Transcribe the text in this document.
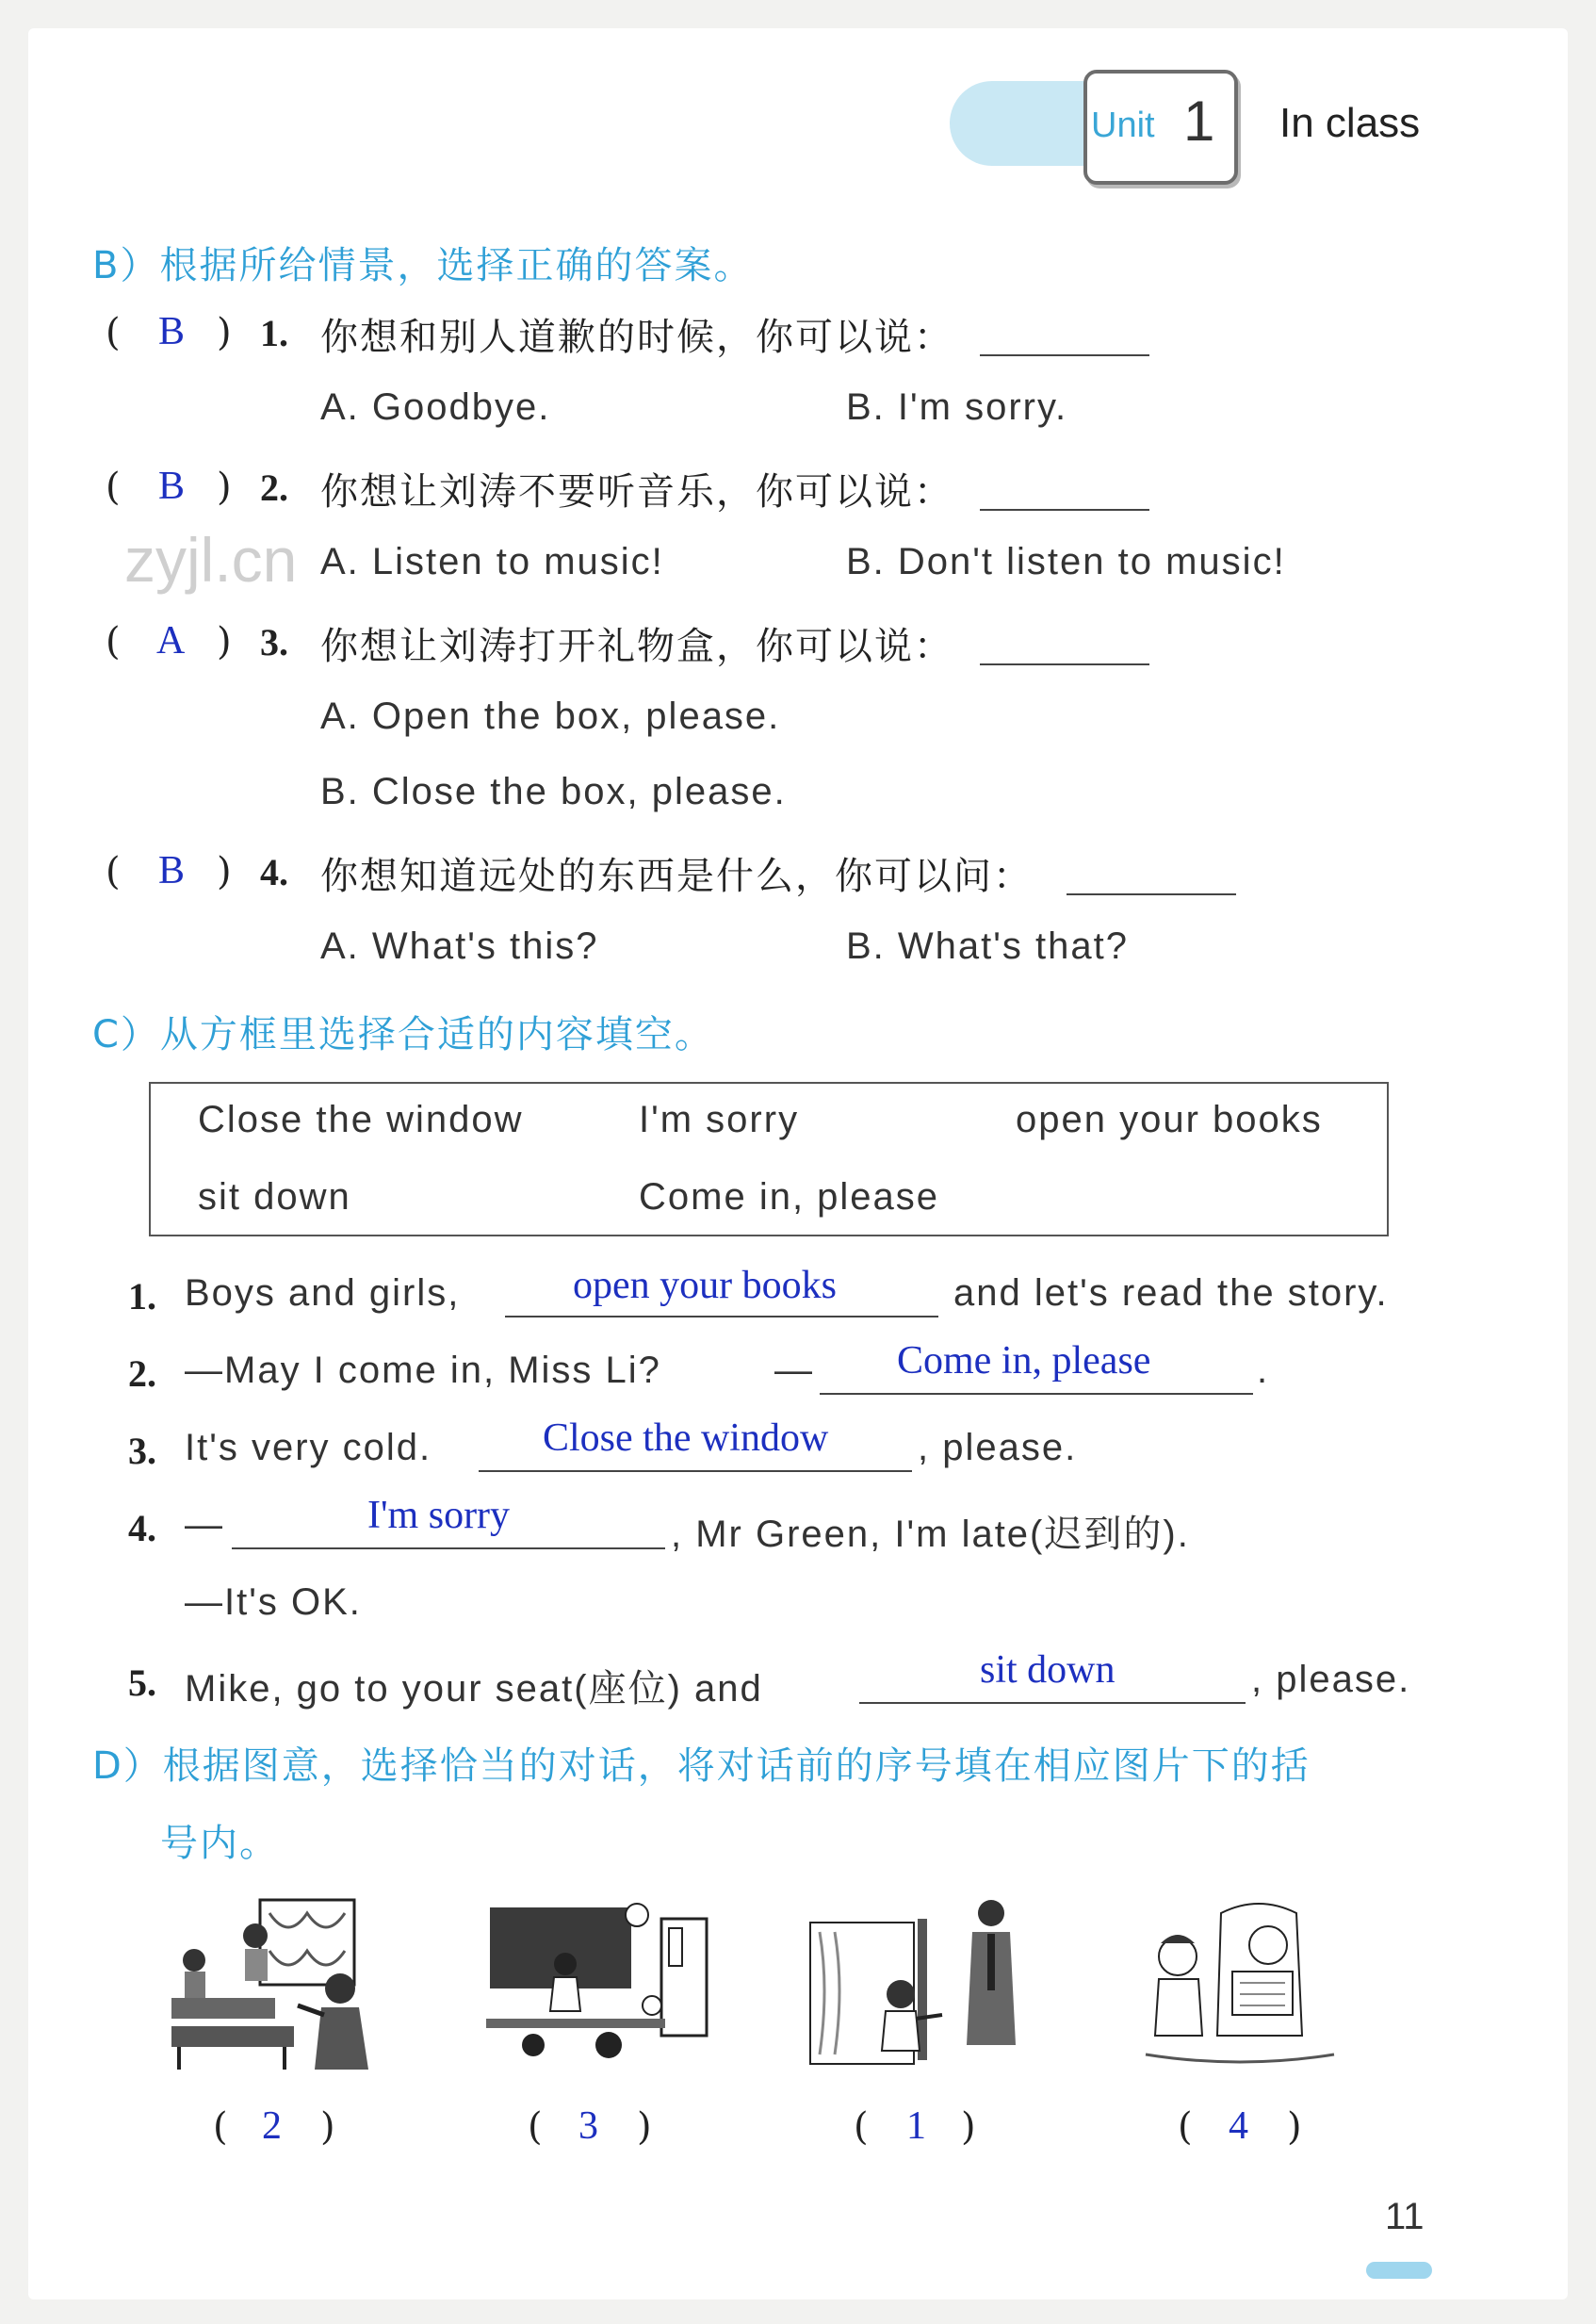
Unit 1 In class
zyjl.cn
B）根据所给情景，选择正确的答案。
( B ) 1. 你想和别人道歉的时候，你可以说：
A. Goodbye.	B. I'm sorry.
( B ) 2. 你想让刘涛不要听音乐，你可以说：
A. Listen to music!	B. Don't listen to music!
( A ) 3. 你想让刘涛打开礼物盒，你可以说：
A. Open the box, please.
B. Close the box, please.
( B ) 4. 你想知道远处的东西是什么，你可以问：
A. What's this?	B. What's that?
C）从方框里选择合适的内容填空。
Close the window	I'm sorry	open your books
sit down	Come in, please
1. Boys and girls,	open your books	and let's read the story.
2. —May I come in, Miss Li?	— Come in, please	.
3. It's very cold.	Close the window , please.
4. —	I'm sorry	, Mr Green, I'm late(迟到的).
—It's OK.
5. Mike, go to your seat(座位) and	sit down	, please.
D）根据图意，选择恰当的对话，将对话前的序号填在相应图片下的括
号内。
( 2 )	( 3 )	( 1 )	( 4 )
11
